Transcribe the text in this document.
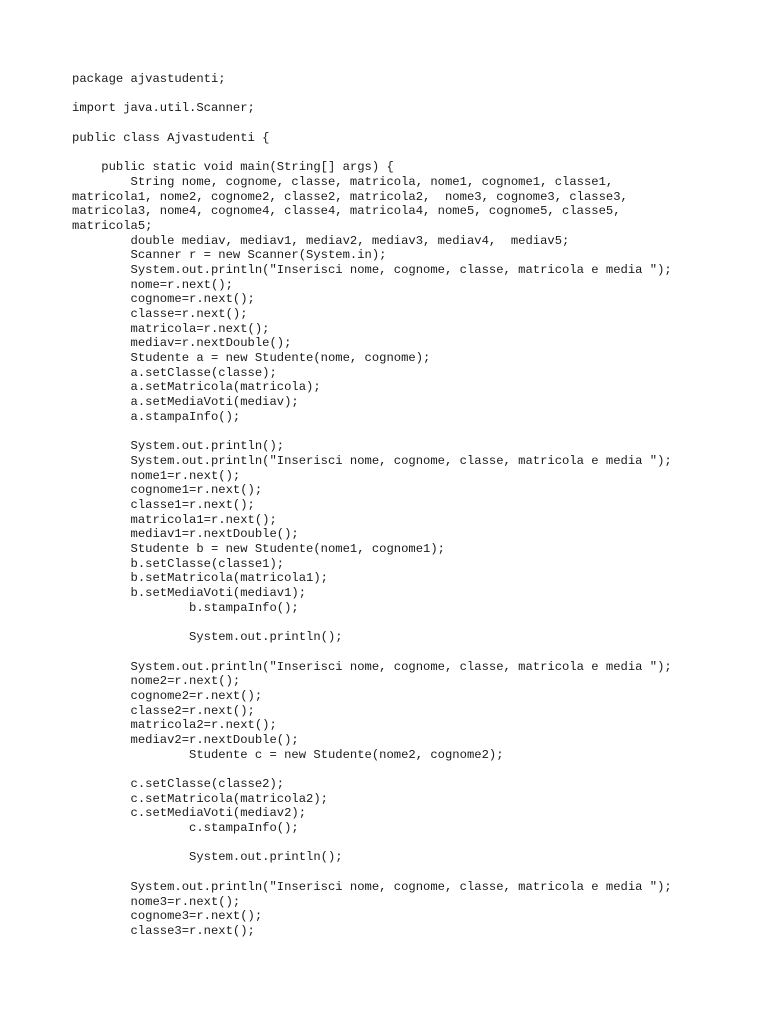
package ajvastudenti;
import java.util.Scanner;
public class Ajvastudenti {
public static void main(String[] args) {
String nome, cognome, classe, matricola, nome1, cognome1, classe1,
matricola1, nome2, cognome2, classe2, matricola2,  nome3, cognome3, classe3,
matricola3, nome4, cognome4, classe4, matricola4, nome5, cognome5, classe5,
matricola5;
double mediav, mediav1, mediav2, mediav3, mediav4,  mediav5;
Scanner r = new Scanner(System.in);
System.out.println("Inserisci nome, cognome, classe, matricola e media ");
nome=r.next();
cognome=r.next();
classe=r.next();
matricola=r.next();
mediav=r.nextDouble();
Studente a = new Studente(nome, cognome);
a.setClasse(classe);
a.setMatricola(matricola);
a.setMediaVoti(mediav);
a.stampaInfo();
System.out.println();
System.out.println("Inserisci nome, cognome, classe, matricola e media ");
nome1=r.next();
cognome1=r.next();
classe1=r.next();
matricola1=r.next();
mediav1=r.nextDouble();
Studente b = new Studente(nome1, cognome1);
b.setClasse(classe1);
b.setMatricola(matricola1);
b.setMediaVoti(mediav1);
b.stampaInfo();
System.out.println();
System.out.println("Inserisci nome, cognome, classe, matricola e media ");
nome2=r.next();
cognome2=r.next();
classe2=r.next();
matricola2=r.next();
mediav2=r.nextDouble();
Studente c = new Studente(nome2, cognome2);
c.setClasse(classe2);
c.setMatricola(matricola2);
c.setMediaVoti(mediav2);
c.stampaInfo();
System.out.println();
System.out.println("Inserisci nome, cognome, classe, matricola e media ");
nome3=r.next();
cognome3=r.next();
classe3=r.next();
